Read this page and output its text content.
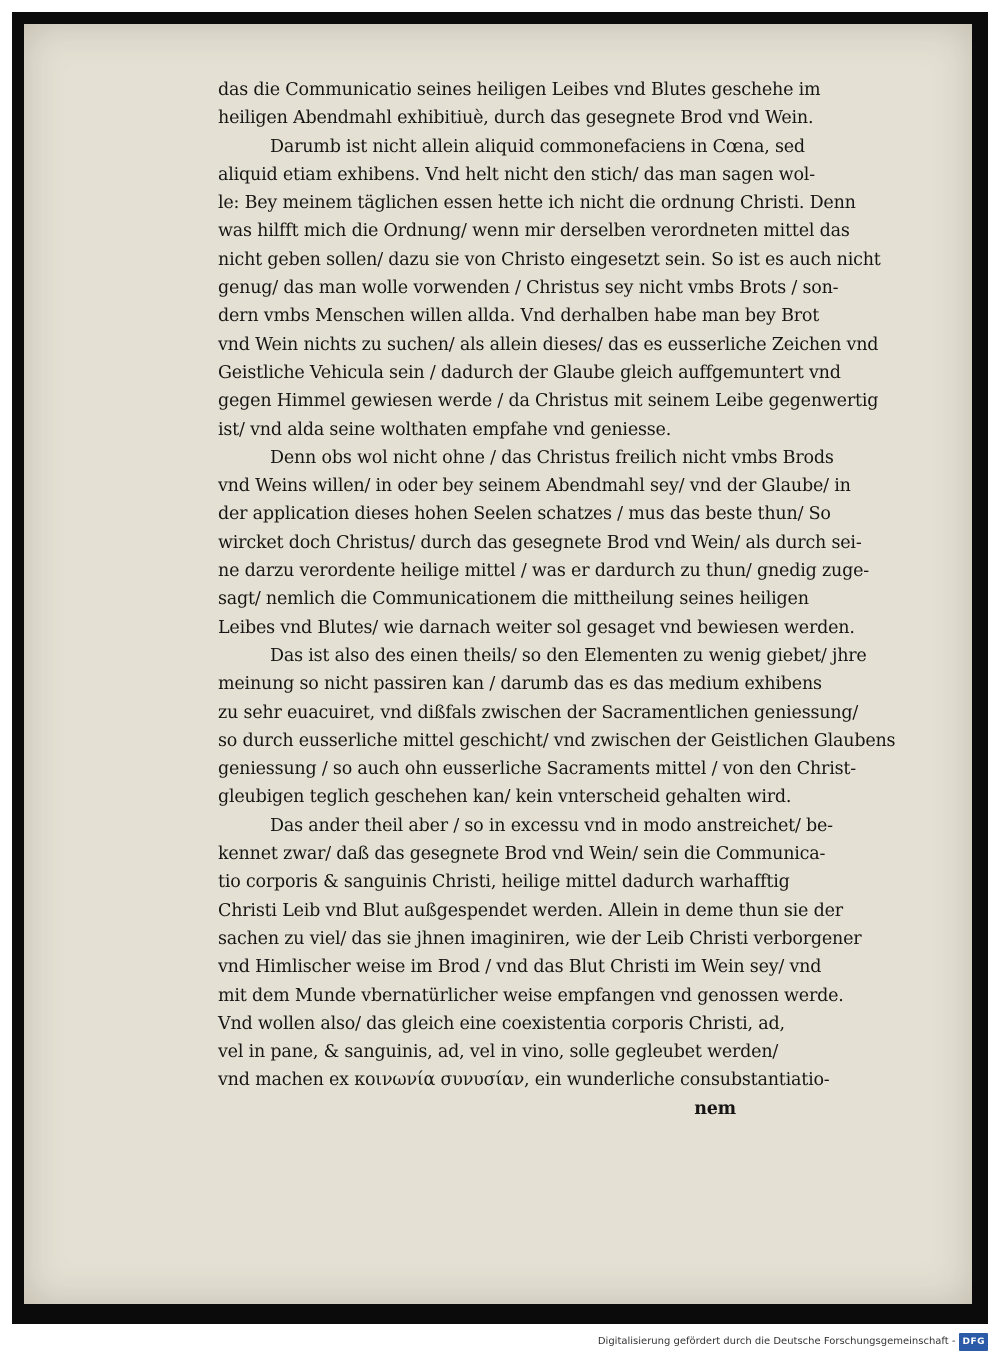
das die Communicatio seines heiligen Leibes vnd Blutes geschehe im
heiligen Abendmahl exhibitiuè, durch das gesegnete Brod vnd Wein.
Darumb ist nicht allein aliquid commonefaciens in Cœna, sed
aliquid etiam exhibens. Vnd helt nicht den stich/ das man sagen wol-
le: Bey meinem täglichen essen hette ich nicht die ordnung Christi. Denn
was hilfft mich die Ordnung/ wenn mir derselben verordneten mittel das
nicht geben sollen/ dazu sie von Christo eingesetzt sein. So ist es auch nicht
genug/ das man wolle vorwenden / Christus sey nicht vmbs Brots / son-
dern vmbs Menschen willen allda. Vnd derhalben habe man bey Brot
vnd Wein nichts zu suchen/ als allein dieses/ das es eusserliche Zeichen vnd
Geistliche Vehicula sein / dadurch der Glaube gleich auffgemuntert vnd
gegen Himmel gewiesen werde / da Christus mit seinem Leibe gegenwertig
ist/ vnd alda seine wolthaten empfahe vnd geniesse.
Denn obs wol nicht ohne / das Christus freilich nicht vmbs Brods
vnd Weins willen/ in oder bey seinem Abendmahl sey/ vnd der Glaube/ in
der application dieses hohen Seelen schatzes / mus das beste thun/ So
wircket doch Christus/ durch das gesegnete Brod vnd Wein/ als durch sei-
ne darzu verordente heilige mittel / was er dardurch zu thun/ gnedig zuge-
sagt/ nemlich die Communicationem die mittheilung seines heiligen
Leibes vnd Blutes/ wie darnach weiter sol gesaget vnd bewiesen werden.
Das ist also des einen theils/ so den Elementen zu wenig giebet/ jhre
meinung so nicht passiren kan / darumb das es das medium exhibens
zu sehr euacuiret, vnd dißfals zwischen der Sacramentlichen geniessung/
so durch eusserliche mittel geschicht/ vnd zwischen der Geistlichen Glaubens
geniessung / so auch ohn eusserliche Sacraments mittel / von den Christ-
gleubigen teglich geschehen kan/ kein vnterscheid gehalten wird.
Das ander theil aber / so in excessu vnd in modo anstreichet/ be-
kennet zwar/ daß das gesegnete Brod vnd Wein/ sein die Communica-
tio corporis & sanguinis Christi, heilige mittel dadurch warhafftig
Christi Leib vnd Blut außgespendet werden. Allein in deme thun sie der
sachen zu viel/ das sie jhnen imaginiren, wie der Leib Christi verborgener
vnd Himlischer weise im Brod / vnd das Blut Christi im Wein sey/ vnd
mit dem Munde vbernatürlicher weise empfangen vnd genossen werde.
Vnd wollen also/ das gleich eine coexistentia corporis Christi, ad,
vel in pane, & sanguinis, ad, vel in vino, solle gegleubet werden/
vnd machen ex κοινωνία συνυσίαν, ein wunderliche consubstantiatio-
nem
Digitalisierung gefördert durch die Deutsche Forschungsgemeinschaft - DFG
